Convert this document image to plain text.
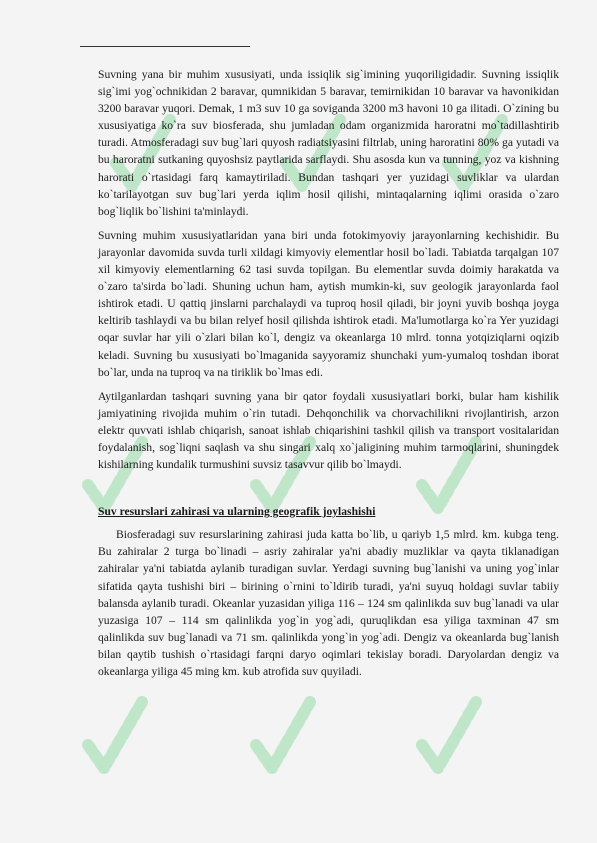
Suvning yana bir muhim xususiyati, unda issiqlik sig`imining yuqoriligidadir. Suvning issiqlik sig`imi yog`ochnikidan 2 baravar, qumnikidan 5 baravar, temirnikidan 10 baravar va havonikidan 3200 baravar yuqori. Demak, 1 m3 suv 10 ga soviganda 3200 m3 havoni 10 ga ilitadi. O`zining bu xususiyatiga ko`ra suv biosferada, shu jumladan odam organizmida haroratni mo`tadillashtirib turadi. Atmosferadagi suv bug`lari quyosh radiatsiyasini filtrlab, uning haroratini 80% ga yutadi va bu haroratni sutkaning quyoshsiz paytlarida sarflaydi. Shu asosda kun va tunning, yoz va kishning harorati o`rtasidagi farq kamaytiriladi. Bundan tashqari yer yuzidagi suvliklar va ulardan ko`tarilayotgan suv bug`lari yerda iqlim hosil qilishi, mintaqalarning iqlimi orasida o`zaro bog`liqlik bo`lishini ta'minlaydi.

Suvning muhim xususiyatlaridan yana biri unda fotokimyoviy jarayonlarning kechishidir. Bu jarayonlar davomida suvda turli xildagi kimyoviy elementlar hosil bo`ladi. Tabiatda tarqalgan 107 xil kimyoviy elementlarning 62 tasi suvda topilgan. Bu elementlar suvda doimiy harakatda va o`zaro ta'sirda bo`ladi. Shuning uchun ham, aytish mumkin-ki, suv geologik jarayonlarda faol ishtirok etadi. U qattiq jinslarni parchalaydi va tuproq hosil qiladi, bir joyni yuvib boshqa joyga keltirib tashlaydi va bu bilan relyef hosil qilishda ishtirok etadi. Ma'lumotlarga ko`ra Yer yuzidagi oqar suvlar har yili o`zlari bilan ko`l, dengiz va okeanlarga 10 mlrd. tonna yotqiziqlarni oqizib keladi. Suvning bu xususiyati bo`lmaganida sayyoramiz shunchaki yum-yumaloq toshdan iborat bo`lar, unda na tuproq va na tiriklik bo`lmas edi.

Aytilganlardan tashqari suvning yana bir qator foydali xususiyatlari borki, bular ham kishilik jamiyatining rivojida muhim o`rin tutadi. Dehqonchilik va chorvachilikni rivojlantirish, arzon elektr quvvati ishlab chiqarish, sanoat ishlab chiqarishini tashkil qilish va transport vositalaridan foydalanish, sog`liqni saqlash va shu singari xalq xo`jaligining muhim tarmoqlarini, shuningdek kishilarning kundalik turmushini suvsiz tasavvur qilib bo`lmaydi.

Suv resurslari zahirasi va ularning geografik joylashishi

Biosferadagi suv resurslarining zahirasi juda katta bo`lib, u qariyb 1,5 mlrd. km. kubga teng. Bu zahiralar 2 turga bo`linadi – asriy zahiralar ya'ni abadiy muzliklar va qayta tiklanadigan zahiralar ya'ni tabiatda aylanib turadigan suvlar. Yerdagi suvning bug`lanishi va uning yog`inlar sifatida qayta tushishi biri – birining o`rnini to`ldirib turadi, ya'ni suyuq holdagi suvlar tabiiy balansda aylanib turadi. Okeanlar yuzasidan yiliga 116 – 124 sm qalinlikda suv bug`lanadi va ular yuzasiga 107 – 114 sm qalinlikda yog`in yog`adi, quruqlikdan esa yiliga taxminan 47 sm qalinlikda suv bug`lanadi va 71 sm. qalinlikda yong`in yog`adi. Dengiz va okeanlarda bug`lanish bilan qaytib tushish o`rtasidagi farqni daryo oqimlari tekislay boradi. Daryolardan dengiz va okeanlarga yiliga 45 ming km. kub atrofida suv quyiladi.
